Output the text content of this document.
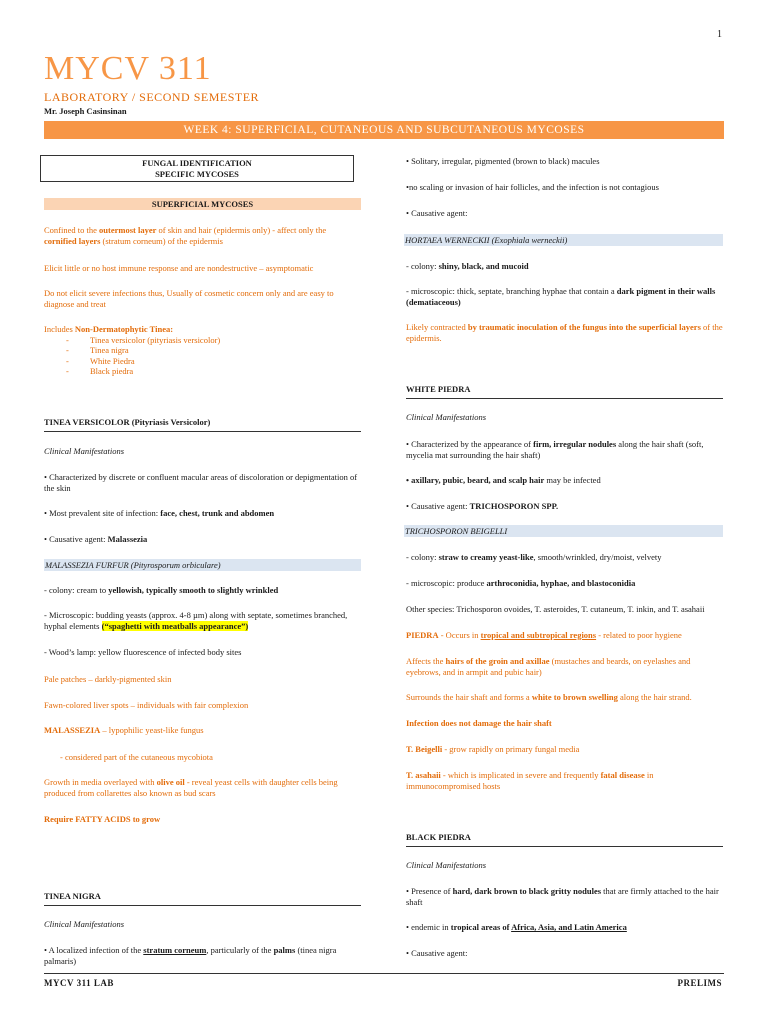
1
MYCV 311
LABORATORY / SECOND SEMESTER
Mr. Joseph Casinsinan
WEEK 4: SUPERFICIAL, CUTANEOUS AND SUBCUTANEOUS MYCOSES
FUNGAL IDENTIFICATION
SPECIFIC MYCOSES
SUPERFICIAL MYCOSES
Confined to the outermost layer of skin and hair (epidermis only) - affect only the cornified layers (stratum corneum) of the epidermis
Elicit little or no host immune response and are nondestructive – asymptomatic
Do not elicit severe infections thus, Usually of cosmetic concern only and are easy to diagnose and treat
Includes Non-Dermatophytic Tinea:
- Tinea versicolor (pityriasis versicolor)
- Tinea nigra
- White Piedra
- Black piedra
TINEA VERSICOLOR (Pityriasis Versicolor)
Clinical Manifestations
• Characterized by discrete or confluent macular areas of discoloration or depigmentation of the skin
• Most prevalent site of infection: face, chest, trunk and abdomen
• Causative agent: Malassezia
MALASSEZIA FURFUR (Pityrosporum orbiculare)
- colony: cream to yellowish, typically smooth to slightly wrinkled
- Microscopic: budding yeasts (approx. 4-8 µm) along with septate, sometimes branched, hyphal elements (“spaghetti with meatballs appearance”)
- Wood’s lamp: yellow fluorescence of infected body sites
Pale patches – darkly-pigmented skin
Fawn-colored liver spots – individuals with fair complexion
MALASSEZIA – lypophilic yeast-like fungus
- considered part of the cutaneous mycobiota
Growth in media overlayed with olive oil - reveal yeast cells with daughter cells being produced from collarettes also known as bud scars
Require FATTY ACIDS to grow
TINEA NIGRA
Clinical Manifestations
• A localized infection of the stratum corneum, particularly of the palms (tinea nigra palmaris)
• Solitary, irregular, pigmented (brown to black) macules
•no scaling or invasion of hair follicles, and the infection is not contagious
• Causative agent:
HORTAEA WERNECKII (Exophiala werneckii)
- colony: shiny, black, and mucoid
- microscopic: thick, septate, branching hyphae that contain a dark pigment in their walls (dematiaceous)
Likely contracted by traumatic inoculation of the fungus into the superficial layers of the epidermis.
WHITE PIEDRA
Clinical Manifestations
• Characterized by the appearance of firm, irregular nodules along the hair shaft (soft, mycelia mat surrounding the hair shaft)
• axillary, pubic, beard, and scalp hair may be infected
• Causative agent: TRICHOSPORON SPP.
TRICHOSPORON BEIGELLI
- colony: straw to creamy yeast-like, smooth/wrinkled, dry/moist, velvety
- microscopic: produce arthroconidia, hyphae, and blastoconidia
Other species: Trichosporon ovoides, T. asteroides, T. cutaneum, T. inkin, and T. asahaii
PIEDRA - Occurs in tropical and subtropical regions - related to poor hygiene
Affects the hairs of the groin and axillae (mustaches and beards, on eyelashes and eyebrows, and in armpit and pubic hair)
Surrounds the hair shaft and forms a white to brown swelling along the hair strand.
Infection does not damage the hair shaft
T. Beigelli - grow rapidly on primary fungal media
T. asahaii - which is implicated in severe and frequently fatal disease in immunocompromised hosts
BLACK PIEDRA
Clinical Manifestations
• Presence of hard, dark brown to black gritty nodules that are firmly attached to the hair shaft
• endemic in tropical areas of Africa, Asia, and Latin America
• Causative agent:
MYCV 311 LAB	PRELIMS
